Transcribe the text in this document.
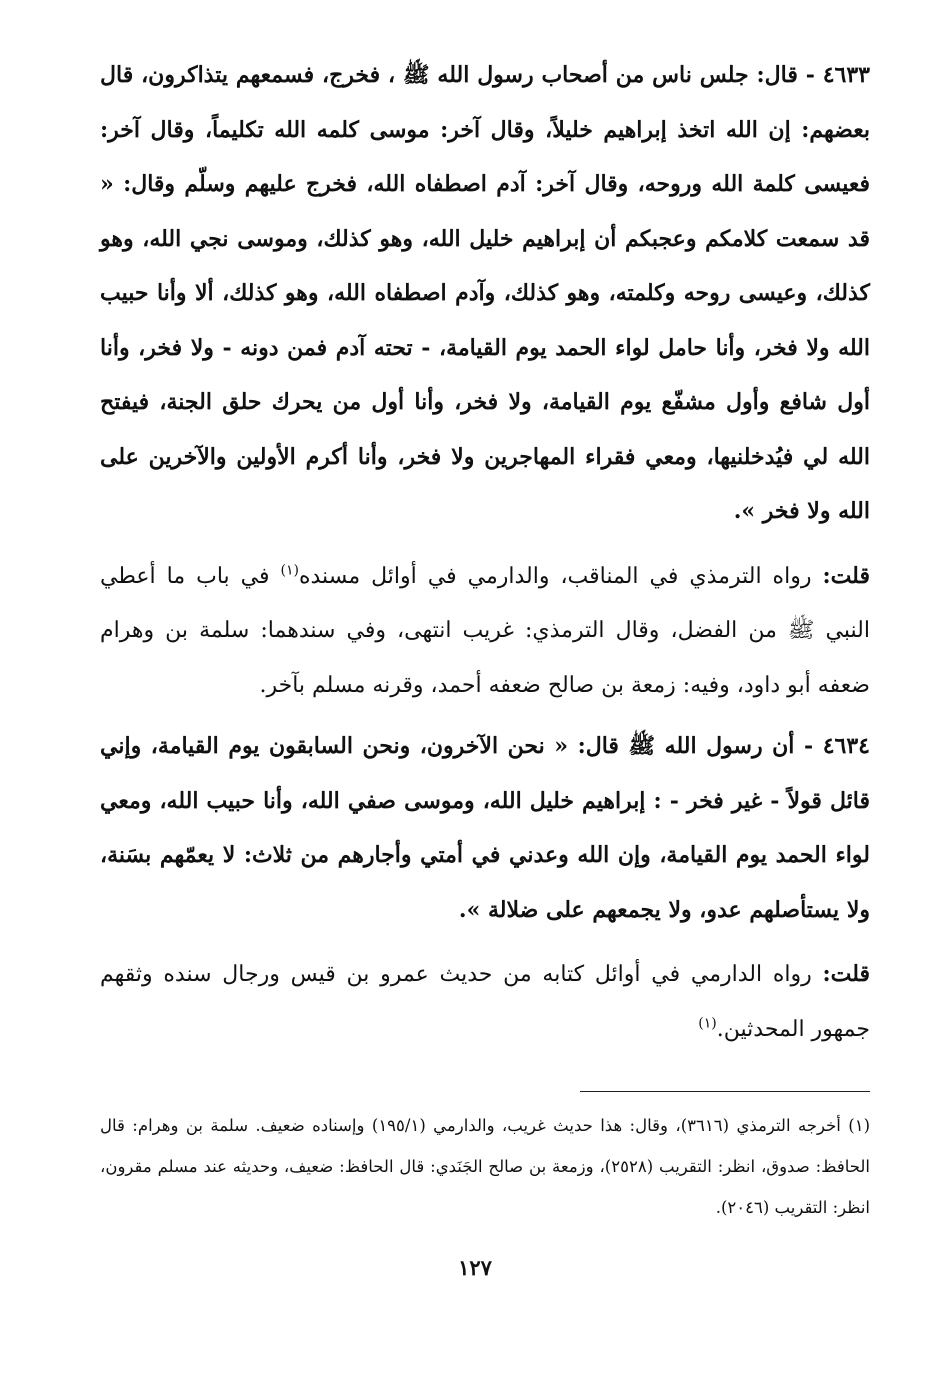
٤٦٣٣ - قال: جلس ناس من أصحاب رسول الله ﷺ ، فخرج، فسمعهم يتذاكرون، قال بعضهم: إن الله اتخذ إبراهيم خليلاً، وقال آخر: موسى كلمه الله تكليماً، وقال آخر: فعيسى كلمة الله وروحه، وقال آخر: آدم اصطفاه الله، فخرج عليهم وسلّم وقال: « قد سمعت كلامكم وعجبكم أن إبراهيم خليل الله، وهو كذلك، وموسى نجي الله، وهو كذلك، وعيسى روحه وكلمته، وهو كذلك، وآدم اصطفاه الله، وهو كذلك، ألا وأنا حبيب الله ولا فخر، وأنا حامل لواء الحمد يوم القيامة، - تحته آدم فمن دونه - ولا فخر، وأنا أول شافع وأول مشفّع يوم القيامة، ولا فخر، وأنا أول من يحرك حلق الجنة، فيفتح الله لي فيُدخلنيها، ومعي فقراء المهاجرين ولا فخر، وأنا أكرم الأولين والآخرين على الله ولا فخر ».

قلت: رواه الترمذي في المناقب، والدارمي في أوائل مسنده$^{(١)}$ في باب ما أعطي النبي ﷺ من الفضل، وقال الترمذي: غريب انتهى، وفي سندهما: سلمة بن وهرام ضعفه أبو داود، وفيه: زمعة بن صالح ضعفه أحمد، وقرنه مسلم بآخر.

٤٦٣٤ - أن رسول الله ﷺ قال: « نحن الآخرون، ونحن السابقون يوم القيامة، وإني قائل قولاً - غير فخر - : إبراهيم خليل الله، وموسى صفي الله، وأنا حبيب الله، ومعي لواء الحمد يوم القيامة، وإن الله وعدني في أمتي وأجارهم من ثلاث: لا يعمّهم بسَنة، ولا يستأصلهم عدو، ولا يجمعهم على ضلالة ».

قلت: رواه الدارمي في أوائل كتابه من حديث عمرو بن قيس ورجال سنده وثقهم جمهور المحدثين.$^{(١)}$

(١) أخرجه الترمذي (٣٦١٦)، وقال: هذا حديث غريب، والدارمي (١٩٥/١) وإسناده ضعيف. سلمة بن وهرام: قال الحافظ: صدوق، انظر: التقريب (٢٥٢٨)، وزمعة بن صالح الجَنَدي: قال الحافظ: ضعيف، وحديثه عند مسلم مقرون، انظر: التقريب (٢٠٤٦).

١٢٧
